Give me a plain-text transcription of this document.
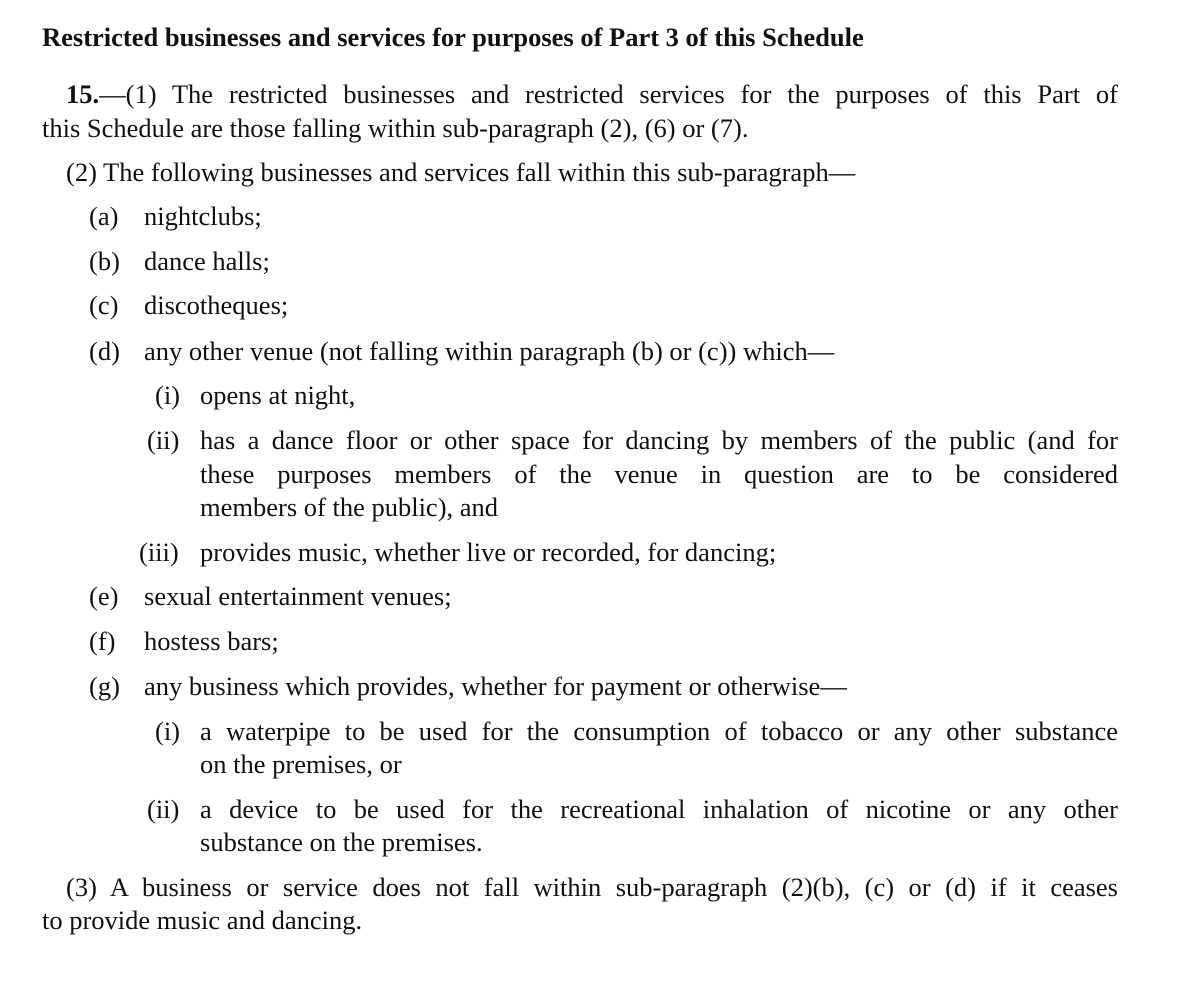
Restricted businesses and services for purposes of Part 3 of this Schedule
15.—(1) The restricted businesses and restricted services for the purposes of this Part of
this Schedule are those falling within sub-paragraph (2), (6) or (7).
(2) The following businesses and services fall within this sub-paragraph—
(a) nightclubs;
(b) dance halls;
(c) discotheques;
(d) any other venue (not falling within paragraph (b) or (c)) which—
(i) opens at night,
(ii) has a dance floor or other space for dancing by members of the public (and for
these purposes members of the venue in question are to be considered
members of the public), and
(iii) provides music, whether live or recorded, for dancing;
(e) sexual entertainment venues;
(f) hostess bars;
(g) any business which provides, whether for payment or otherwise—
(i) a waterpipe to be used for the consumption of tobacco or any other substance
on the premises, or
(ii) a device to be used for the recreational inhalation of nicotine or any other
substance on the premises.
(3) A business or service does not fall within sub-paragraph (2)(b), (c) or (d) if it ceases
to provide music and dancing.
